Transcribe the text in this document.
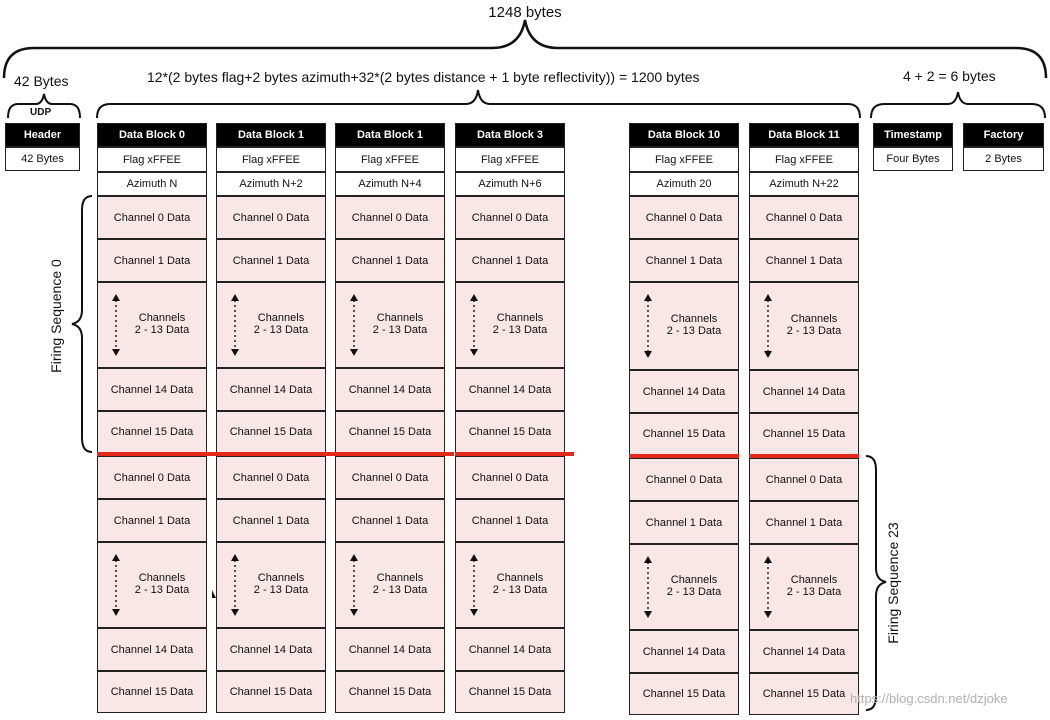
1248 bytes
42 Bytes
UDP
12*(2 bytes flag+2 bytes azimuth+32*(2 bytes distance + 1 byte reflectivity)) = 1200 bytes	4 + 2 = 6 bytes
Header
42 Bytes
Timestamp
Four Bytes
Factory
2 Bytes
Firing Sequence 0
Firing Sequence 23
Data Block 0
Flag xFFEE
Azimuth N
Channel 0 Data
Channel 1 Data
Channels
2 - 13 Data
Channel 14 Data
Channel 15 Data
Channel 0 Data
Channel 1 Data
Channels
2 - 13 Data
Channel 14 Data
Channel 15 Data
Data Block 1
Flag xFFEE
Azimuth N+2
Channel 0 Data
Channel 1 Data
Channels
2 - 13 Data
Channel 14 Data
Channel 15 Data
Channel 0 Data
Channel 1 Data
Channels
2 - 13 Data
Channel 14 Data
Channel 15 Data
Data Block 1
Flag xFFEE
Azimuth N+4
Channel 0 Data
Channel 1 Data
Channels
2 - 13 Data
Channel 14 Data
Channel 15 Data
Channel 0 Data
Channel 1 Data
Channels
2 - 13 Data
Channel 14 Data
Channel 15 Data
Data Block 3
Flag xFFEE
Azimuth N+6
Channel 0 Data
Channel 1 Data
Channels
2 - 13 Data
Channel 14 Data
Channel 15 Data
Channel 0 Data
Channel 1 Data
Channels
2 - 13 Data
Channel 14 Data
Channel 15 Data
Data Block 10
Flag xFFEE
Azimuth 20
Channel 0 Data
Channel 1 Data
Channels
2 - 13 Data
Channel 14 Data
Channel 15 Data
Channel 0 Data
Channel 1 Data
Channels
2 - 13 Data
Channel 14 Data
Channel 15 Data
Data Block 11
Flag xFFEE
Azimuth N+22
Channel 0 Data
Channel 1 Data
Channels
2 - 13 Data
Channel 14 Data
Channel 15 Data
Channel 0 Data
Channel 1 Data
Channels
2 - 13 Data
Channel 14 Data
Channel 15 Data https://blog.csdn.net/dzjoke
